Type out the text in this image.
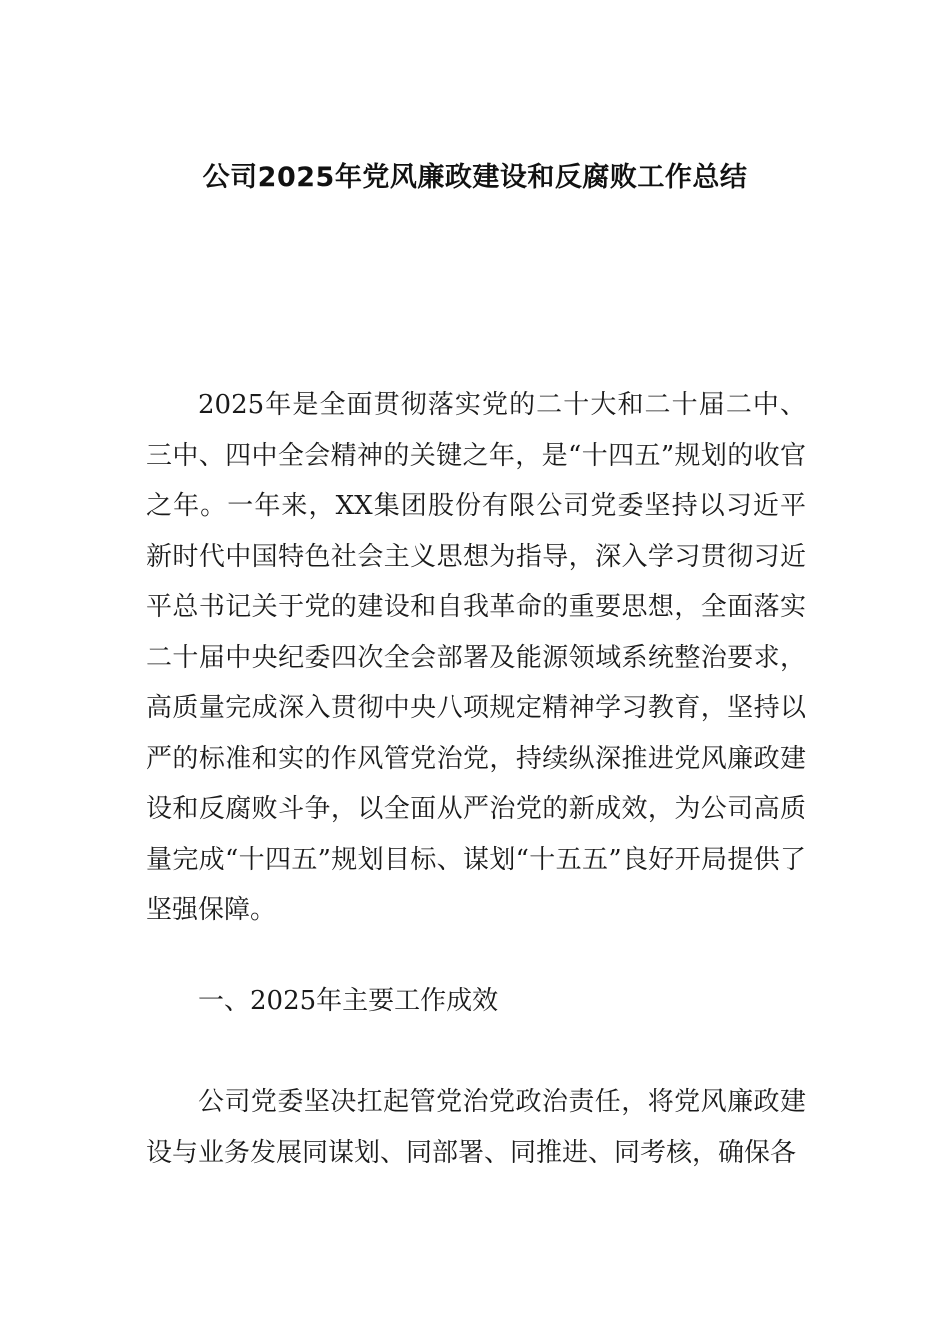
公司2025年党风廉政建设和反腐败工作总结

2025年是全面贯彻落实党的二十大和二十届二中、三中、四中全会精神的关键之年，是“十四五”规划的收官之年。一年来，XX集团股份有限公司党委坚持以习近平新时代中国特色社会主义思想为指导，深入学习贯彻习近平总书记关于党的建设和自我革命的重要思想，全面落实二十届中央纪委四次全会部署及能源领域系统整治要求，高质量完成深入贯彻中央八项规定精神学习教育，坚持以严的标准和实的作风管党治党，持续纵深推进党风廉政建设和反腐败斗争，以全面从严治党的新成效，为公司高质量完成“十四五”规划目标、谋划“十五五”良好开局提供了坚强保障。

一、2025年主要工作成效

公司党委坚决扛起管党治党政治责任，将党风廉政建设与业务发展同谋划、同部署、同推进、同考核，确保各
